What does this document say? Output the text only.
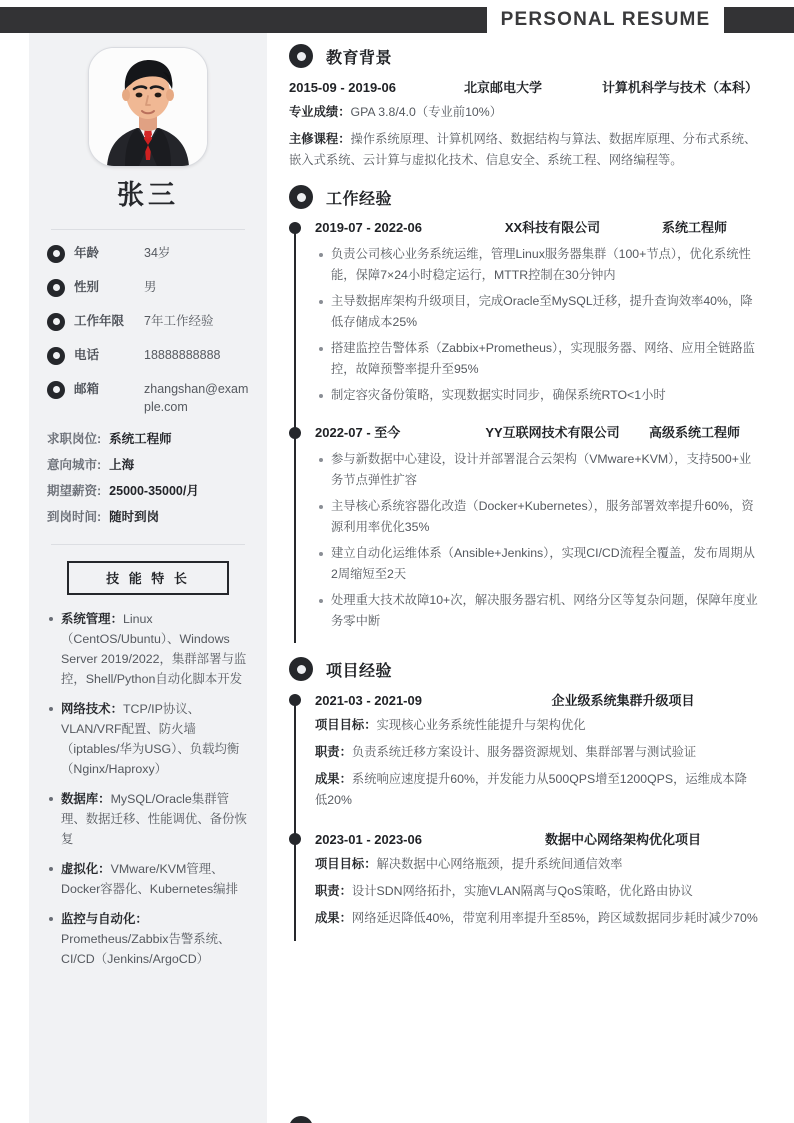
PERSONAL RESUME
张三
年龄	34岁
性别	男
工作年限	7年工作经验
电话	18888888888
邮箱	zhangshan@example.com
求职岗位: 系统工程师
意向城市: 上海
期望薪资: 25000-35000/月
到岗时间: 随时到岗
技 能 特 长
系统管理：Linux（CentOS/Ubuntu）、Windows Server 2019/2022，集群部署与监控，Shell/Python自动化脚本开发
网络技术：TCP/IP协议、VLAN/VRF配置、防火墙（iptables/华为USG）、负载均衡（Nginx/Haproxy）
数据库：MySQL/Oracle集群管理、数据迁移、性能调优、备份恢复
虚拟化：VMware/KVM管理、Docker容器化、Kubernetes编排
监控与自动化：Prometheus/Zabbix告警系统、CI/CD（Jenkins/ArgoCD）
教育背景
2015-09 - 2019-06	北京邮电大学	计算机科学与技术（本科）
专业成绩：GPA 3.8/4.0（专业前10%）
主修课程：操作系统原理、计算机网络、数据结构与算法、数据库原理、分布式系统、嵌入式系统、云计算与虚拟化技术、信息安全、系统工程、网络编程等。
工作经验
2019-07 - 2022-06	XX科技有限公司	系统工程师
负责公司核心业务系统运维，管理Linux服务器集群（100+节点），优化系统性能，保障7×24小时稳定运行，MTTR控制在30分钟内
主导数据库架构升级项目，完成Oracle至MySQL迁移，提升查询效率40%，降低存储成本25%
搭建监控告警体系（Zabbix+Prometheus），实现服务器、网络、应用全链路监控，故障预警率提升至95%
制定容灾备份策略，实现数据实时同步，确保系统RTO<1小时
2022-07 - 至今	YY互联网技术有限公司	高级系统工程师
参与新数据中心建设，设计并部署混合云架构（VMware+KVM），支持500+业务节点弹性扩容
主导核心系统容器化改造（Docker+Kubernetes），服务部署效率提升60%，资源利用率优化35%
建立自动化运维体系（Ansible+Jenkins），实现CI/CD流程全覆盖，发布周期从2周缩短至2天
处理重大技术故障10+次，解决服务器宕机、网络分区等复杂问题，保障年度业务零中断
项目经验
2021-03 - 2021-09	企业级系统集群升级项目
项目目标：实现核心业务系统性能提升与架构优化
职责：负责系统迁移方案设计、服务器资源规划、集群部署与测试验证
成果：系统响应速度提升60%，并发能力从500QPS增至1200QPS，运维成本降低20%
2023-01 - 2023-06	数据中心网络架构优化项目
项目目标：解决数据中心网络瓶颈，提升系统间通信效率
职责：设计SDN网络拓扑，实施VLAN隔离与QoS策略，优化路由协议
成果：网络延迟降低40%，带宽利用率提升至85%，跨区域数据同步耗时减少70%
